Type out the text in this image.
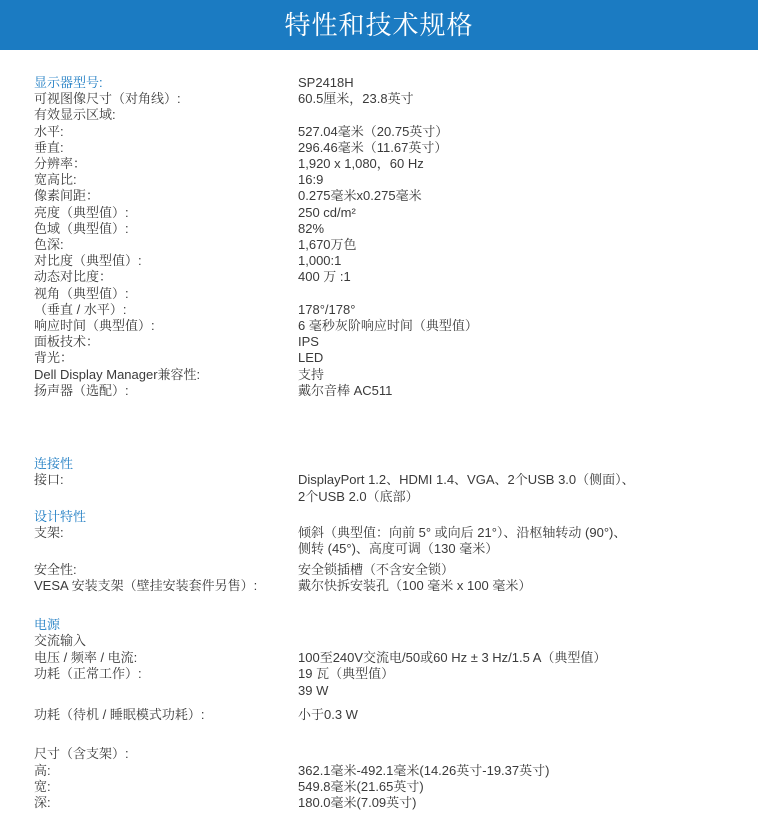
特性和技术规格
显示器型号:	SP2418H
可视图像尺寸（对角线）:	60.5厘米，23.8英寸
有效显示区域:
水平:	527.04毫米（20.75英寸）
垂直:	296.46毫米（11.67英寸）
分辨率：	1,920 x 1,080，60 Hz
宽高比:	16:9
像素间距：	0.275毫米x0.275毫米
亮度（典型值）:	250 cd/m²
色域（典型值）:	82%
色深:	1,670万色
对比度（典型值）:	1,000:1
动态对比度：	400 万 :1
视角（典型值）:
（垂直 / 水平）:	178°/178°
响应时间（典型值）:	6 毫秒灰阶响应时间（典型值）
面板技术：	IPS
背光：	LED
Dell Display Manager兼容性:	支持
扬声器（选配）:	戴尔音棒 AC511
连接性
接口:	DisplayPort 1.2、HDMI 1.4、VGA、2个USB 3.0（侧面）、
2个USB 2.0（底部）
设计特性
支架:	倾斜（典型值：向前 5° 或向后 21°）、沿枢轴转动 (90°)、
侧转 (45°)、高度可调（130 毫米）
安全性:	安全锁插槽（不含安全锁）
VESA 安装支架（壁挂安装套件另售）:	戴尔快拆安装孔（100 毫米 x 100 毫米）
电源
交流输入
电压 / 频率 / 电流:	100至240V交流电/50或60 Hz ± 3 Hz/1.5 A（典型值）
功耗（正常工作）:	19 瓦（典型值）
39 W
功耗（待机 / 睡眠模式功耗）:	小于0.3 W
尺寸（含支架）:
高:	362.1毫米-492.1毫米(14.26英寸-19.37英寸)
宽:	549.8毫米(21.65英寸)
深:	180.0毫米(7.09英寸)
